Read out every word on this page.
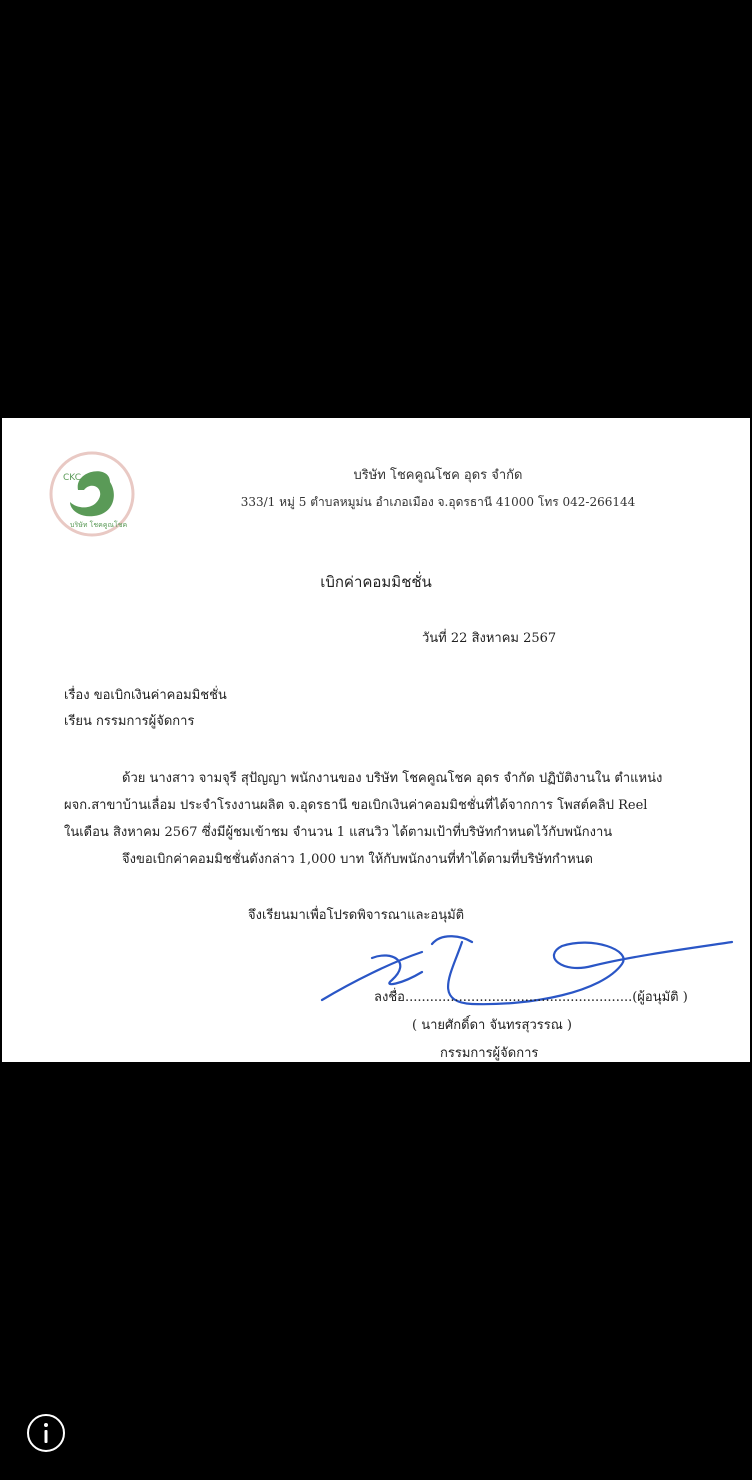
CKC
บริษัท โชคคูณโชค
บริษัท โชคคูณโชค อุดร จำกัด
333/1 หมู่ 5 ตำบลหมูม่น อำเภอเมือง จ.อุดรธานี 41000 โทร 042-266144
เบิกค่าคอมมิชชั่น
วันที่ 22 สิงหาคม 2567
เรื่อง ขอเบิกเงินค่าคอมมิชชั่น
เรียน กรรมการผู้จัดการ
ด้วย นางสาว จามจุรี สุปัญญา พนักงานของ บริษัท โชคคูณโชค อุดร จำกัด ปฏิบัติงานใน ตำแหน่ง
ผจก.สาขาบ้านเลื่อม ประจำโรงงานผลิต จ.อุดรธานี ขอเบิกเงินค่าคอมมิชชั่นที่ได้จากการ โพสต์คลิป Reel
ในเดือน สิงหาคม 2567 ซึ่งมีผู้ชมเข้าชม จำนวน 1 แสนวิว ได้ตามเป้าที่บริษัทกำหนดไว้กับพนักงาน
จึงขอเบิกค่าคอมมิชชั่นดังกล่าว 1,000 บาท ให้กับพนักงานที่ทำได้ตามที่บริษัทกำหนด
จึงเรียนมาเพื่อโปรดพิจารณาและอนุมัติ
ลงชื่อ.......................................................(ผู้อนุมัติ )
( นายศักดิ์ดา จันทรสุวรรณ )
กรรมการผู้จัดการ
